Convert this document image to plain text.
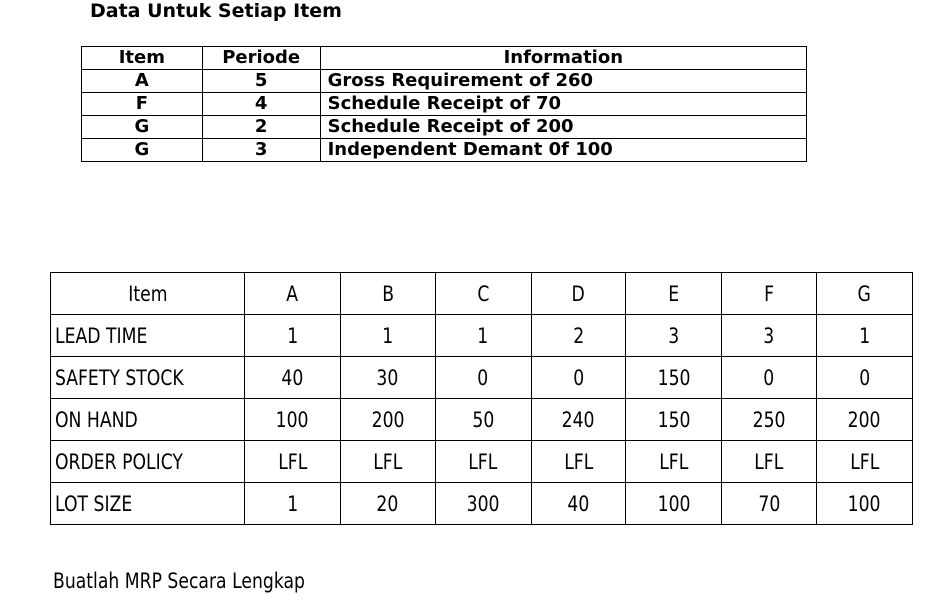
Data Untuk Setiap Item
Item	Periode	Information
A	5	Gross Requirement of 260
F	4	Schedule Receipt of 70
G	2	Schedule Receipt of 200
G	3	Independent Demant 0f 100
Item	A	B	C	D	E	F	G
LEAD TIME	1	1	1	2	3	3	1
SAFETY STOCK	40	30	0	0	150	0	0
ON HAND	100	200	50	240	150	250	200
ORDER POLICY	LFL	LFL	LFL	LFL	LFL	LFL	LFL
LOT SIZE	1	20	300	40	100	70	100
Buatlah MRP Secara Lengkap
